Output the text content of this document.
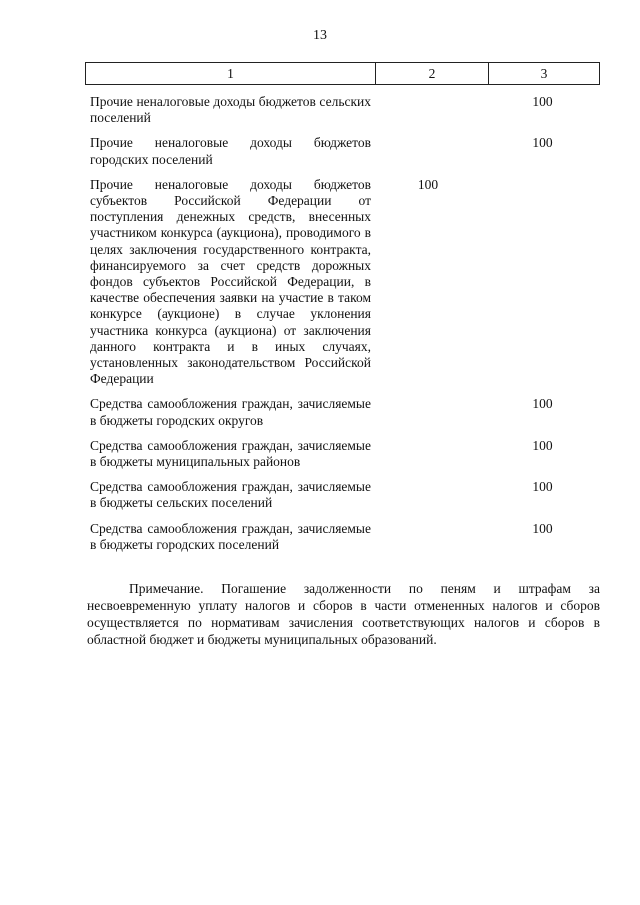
13
1	2	3
Прочие неналоговые доходы бюджетов сельских поселений
100
Прочие неналоговые доходы бюджетов городских поселений
100
Прочие неналоговые доходы бюджетов субъектов Российской Федерации от поступления денежных средств, внесенных участником конкурса (аукциона), проводимого в целях заключения государственного контракта, финансируемого за счет средств дорожных фондов субъектов Российской Федерации, в качестве обеспечения заявки на участие в таком конкурсе (аукционе) в случае уклонения участника конкурса (аукциона) от заключения данного контракта и в иных случаях, установленных законодательством Российской Федерации
100
Средства самообложения граждан, зачисляемые в бюджеты городских округов
100
Средства самообложения граждан, зачисляемые в бюджеты муниципальных районов
100
Средства самообложения граждан, зачисляемые в бюджеты сельских поселений
100
Средства самообложения граждан, зачисляемые в бюджеты городских поселений
100

Примечание. Погашение задолженности по пеням и штрафам за несвоевременную уплату налогов и сборов в части отмененных налогов и сборов осуществляется по нормативам зачисления соответствующих налогов и сборов в областной бюджет и бюджеты муниципальных образований.
